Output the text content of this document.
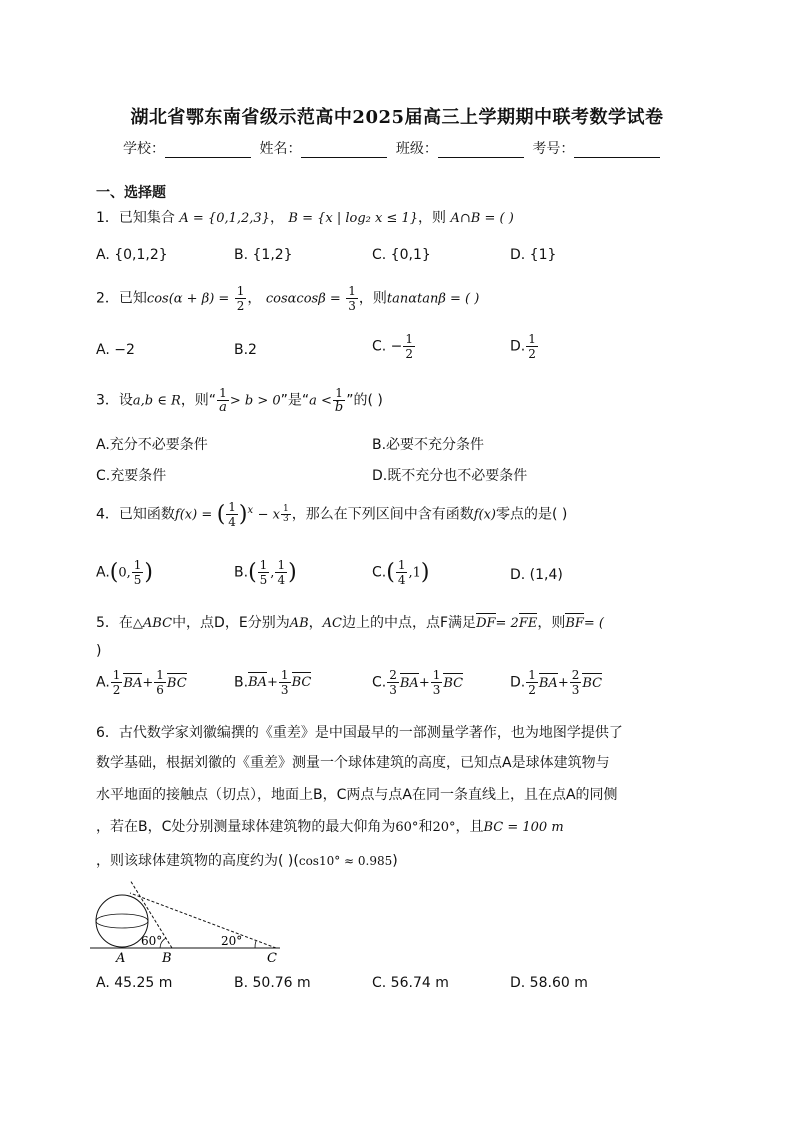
湖北省鄂东南省级示范高中2025届高三上学期期中联考数学试卷
学校：	姓名：	班级：	考号：
一、选择题
1．已知集合 A = {0,1,2,3}， B = {x | log₂ x ≤ 1}，则 A∩B = ( )
A. {0,1,2}	B. {1,2}	C. {0,1}	D. {1}
2．已知$\cos(\alpha + \beta) = \frac{1}{2}$ ， $\cos\alpha\cos\beta = \frac{1}{3}$ ，则tanαtanβ = ( )
A. −2	B.2	C. − $\frac{1}{2}$	D. $\frac{1}{2}$
3．设a,b ∈ R，则“ $\frac{1}{a} > b > 0$”是“$a < \frac{1}{b}$ ”的( )
A.充分不必要条件	B.必要不充分条件
C.充要条件	D.既不充分也不必要条件
4．已知函数f(x) = ( $\frac{1}{4} )^x - x \frac{1}{3}$ ，那么在下列区间中含有函数f(x)零点的是( )
A.(0, $\frac{1}{5}$ )	$B.( \frac{1}{5}$ , $\frac{1}{4}$ )	$C.( \frac{1}{4} ,1)$	D. (1,4)
5．在△ABC中，点D，E分别为AB，AC边上的中点，点F满足DF= 2FE，则BF= (
)
A. $\frac{1}{2} BA+ \frac{1}{6}$ BC	$B.BA+ \frac{1}{3}$ BC	C. $\frac{2}{3} BA+ \frac{1}{3}$ BC	D. $\frac{1}{2} BA+ \frac{2}{3}$ BC
6．古代数学家刘徽编撰的《重差》是中国最早的一部测量学著作，也为地图学提供了
数学基础，根据刘徽的《重差》测量一个球体建筑的高度，已知点A是球体建筑物与
水平地面的接触点（切点），地面上B，C两点与点A在同一条直线上，且在点A的同侧
，若在B，C处分别测量球体建筑物的最大仰角为60°和20°，且BC = 100 m
，则该球体建筑物的高度约为( )(cos10° ≈ 0.985)
60°	20°
A	B	C
A. 45.25 m	B. 50.76 m	C. 56.74 m	D. 58.60 m
